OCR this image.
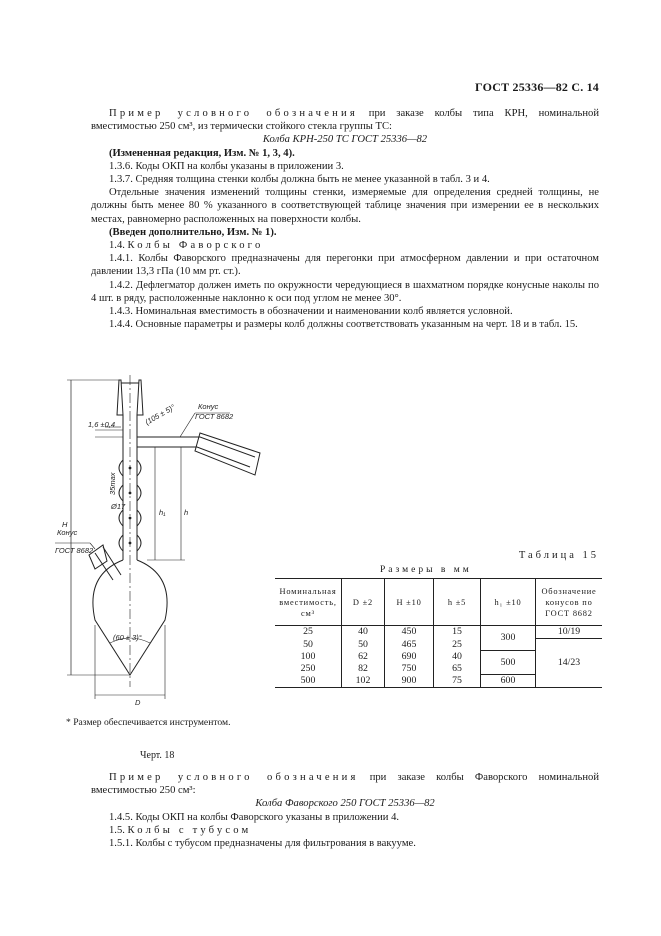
ГОСТ 25336—82 С. 14

Пример условного обозначения при заказе колбы типа КРН, номинальной вместимостью 250 см³, из термически стойкого стекла группы ТС:

Колба КРН-250 ТС ГОСТ 25336—82

(Измененная редакция, Изм. № 1, 3, 4).

1.3.6. Коды ОКП на колбы указаны в приложении 3.

1.3.7. Средняя толщина стенки колбы должна быть не менее указанной в табл. 3 и 4.

Отдельные значения изменений толщины стенки, измеряемые для определения средней толщины, не должны быть менее 80 % указанного в соответствующей таблице значения при измерении ее в нескольких местах, равномерно расположенных на поверхности колбы.

(Введен дополнительно, Изм. № 1).

1.4. Колбы Фаворского

1.4.1. Колбы Фаворского предназначены для перегонки при атмосферном давлении и при остаточном давлении 13,3 гПа (10 мм рт. ст.).

1.4.2. Дефлегматор должен иметь по окружности чередующиеся в шахматном порядке конусные наколы по 4 шт. в ряду, расположенные наклонно к оси под углом не менее 30°.

1.4.3. Номинальная вместимость в обозначении и наименовании колб является условной.

1.4.4. Основные параметры и размеры колб должны соответствовать указанным на черт. 18 и в табл. 15.

Конус
ГОСТ 8682
1,6 ±0,4	(105 ± 5)°
35max
Ø17
h₁ h
H
Конус
ГОСТ 8682
(60 ± 3)°
D
* Размер обеспечивается инструментом.
Черт. 18
Таблица 15
Размеры в мм
Номинальная вместимость, см³	D ±2	H ±10	h ±5	h₁ ±10	Обозначение конусов по ГОСТ 8682
25	40	450	15	300	10/19
50	50	465	25		14/23
100	62	690	40	500	
250	82	750	65		
500	102	900	75	600	

Пример условного обозначения при заказе колбы Фаворского номинальной вместимостью 250 см³:

Колба Фаворского 250 ГОСТ 25336—82

1.4.5. Коды ОКП на колбы Фаворского указаны в приложении 4.

1.5. Колбы с тубусом

1.5.1. Колбы с тубусом предназначены для фильтрования в вакууме.
